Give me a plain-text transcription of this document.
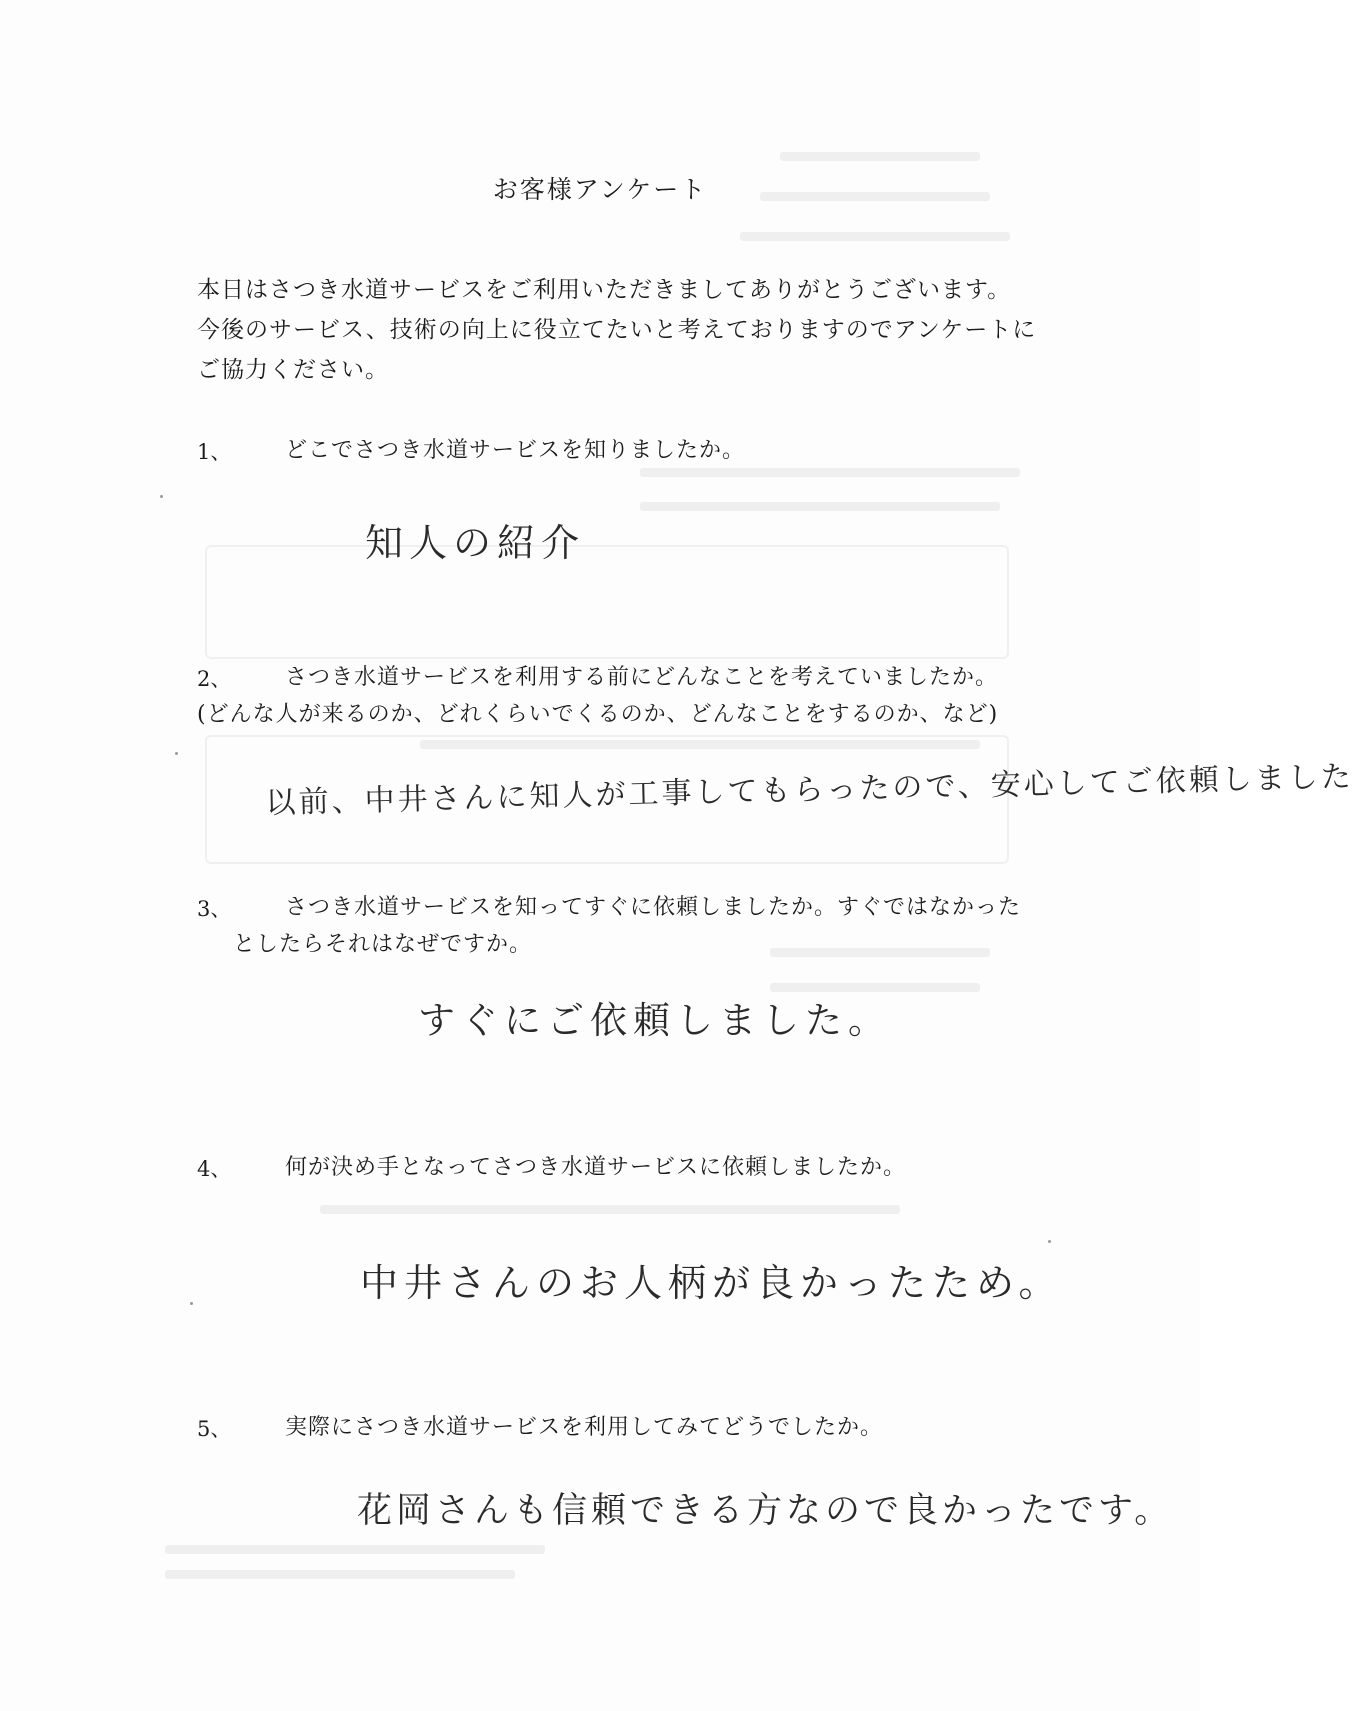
お客様アンケート
本日はさつき水道サービスをご利用いただきましてありがとうございます。
今後のサービス、技術の向上に役立てたいと考えておりますのでアンケートに
ご協力ください。
1、 どこでさつき水道サービスを知りましたか。
知人の紹介
2、 さつき水道サービスを利用する前にどんなことを考えていましたか。
(どんな人が来るのか、どれくらいでくるのか、どんなことをするのか、など)
以前、中井さんに知人が工事してもらったので、安心してご依頼しました
3、 さつき水道サービスを知ってすぐに依頼しましたか。すぐではなかった
としたらそれはなぜですか。
すぐにご依頼しました。
4、 何が決め手となってさつき水道サービスに依頼しましたか。
中井さんのお人柄が良かったため。
5、 実際にさつき水道サービスを利用してみてどうでしたか。
花岡さんも信頼できる方なので良かったです。
